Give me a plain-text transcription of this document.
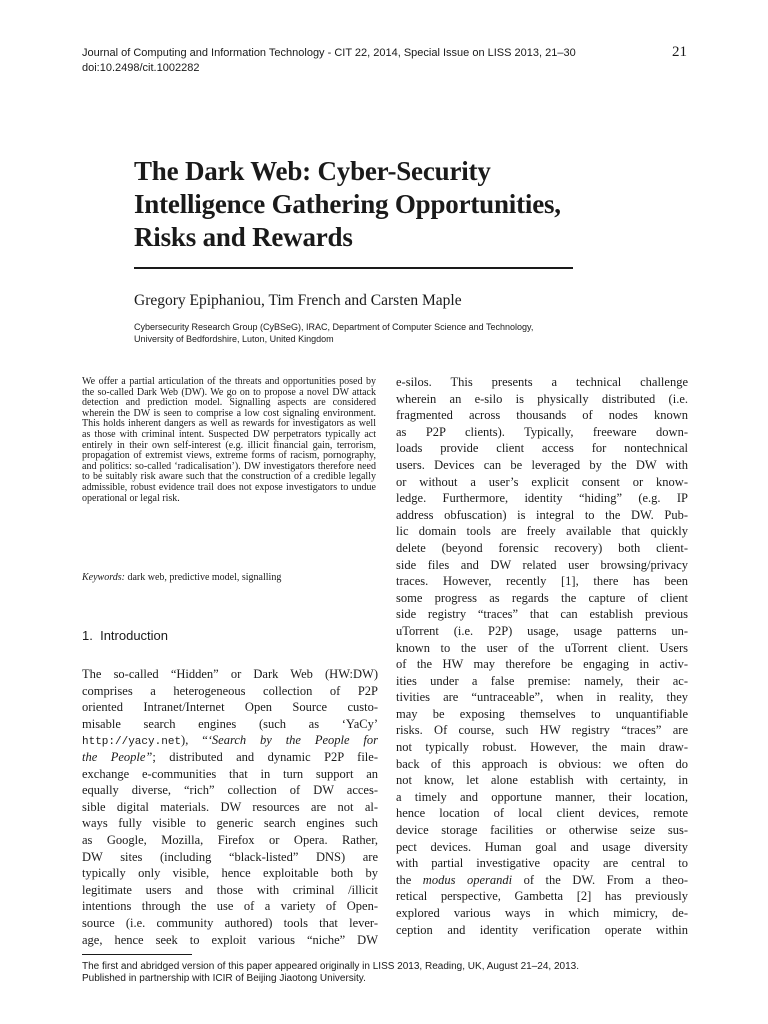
Journal of Computing and Information Technology - CIT 22, 2014, Special Issue on LISS 2013, 21–30
doi:10.2498/cit.1002282
21
The Dark Web: Cyber-Security
Intelligence Gathering Opportunities,
Risks and Rewards
Gregory Epiphaniou, Tim French and Carsten Maple
Cybersecurity Research Group (CyBSeG), IRAC, Department of Computer Science and Technology,
University of Bedfordshire, Luton, United Kingdom

We offer a partial articulation of the threats and opportunities posed by the so-called Dark Web (DW). We go on to propose a novel DW attack detection and prediction model. Signalling aspects are considered wherein the DW is seen to comprise a low cost signaling environment. This holds inherent dangers as well as rewards for investigators as well as those with criminal intent. Suspected DW perpetrators typically act entirely in their own self-interest (e.g. illicit financial gain, terrorism, propagation of extremist views, extreme forms of racism, pornography, and politics: so-called ‘radicalisation’). DW investigators therefore need to be suitably risk aware such that the construction of a credible legally admissible, robust evidence trail does not expose investigators to undue operational or legal risk.

Keywords: dark web, predictive model, signalling
1. Introduction
The so-called “Hidden” or Dark Web (HW:DW)
comprises a heterogeneous collection of P2P
oriented Intranet/Internet Open Source custo-
misable search engines (such as ‘YaCy’
http://yacy.net), “‘Search by the People for
the People”; distributed and dynamic P2P file-
exchange e-communities that in turn support an
equally diverse, “rich” collection of DW acces-
sible digital materials. DW resources are not al-
ways fully visible to generic search engines such
as Google, Mozilla, Firefox or Opera. Rather,
DW sites (including “black-listed” DNS) are
typically only visible, hence exploitable both by
legitimate users and those with criminal /illicit
intentions through the use of a variety of Open-
source (i.e. community authored) tools that lever-
age, hence seek to exploit various “niche” DW
e-silos. This presents a technical challenge
wherein an e-silo is physically distributed (i.e.
fragmented across thousands of nodes known
as P2P clients). Typically, freeware down-
loads provide client access for nontechnical
users. Devices can be leveraged by the DW with
or without a user’s explicit consent or know-
ledge. Furthermore, identity “hiding” (e.g. IP
address obfuscation) is integral to the DW. Pub-
lic domain tools are freely available that quickly
delete (beyond forensic recovery) both client-
side files and DW related user browsing/privacy
traces. However, recently [1], there has been
some progress as regards the capture of client
side registry “traces” that can establish previous
uTorrent (i.e. P2P) usage, usage patterns un-
known to the user of the uTorrent client. Users
of the HW may therefore be engaging in activ-
ities under a false premise: namely, their ac-
tivities are “untraceable”, when in reality, they
may be exposing themselves to unquantifiable
risks. Of course, such HW registry “traces” are
not typically robust. However, the main draw-
back of this approach is obvious: we often do
not know, let alone establish with certainty, in
a timely and opportune manner, their location,
hence location of local client devices, remote
device storage facilities or otherwise seize sus-
pect devices. Human goal and usage diversity
with partial investigative opacity are central to
the modus operandi of the DW. From a theo-
retical perspective, Gambetta [2] has previously
explored various ways in which mimicry, de-
ception and identity verification operate within
The first and abridged version of this paper appeared originally in LISS 2013, Reading, UK, August 21–24, 2013.
Published in partnership with ICIR of Beijing Jiaotong University.
